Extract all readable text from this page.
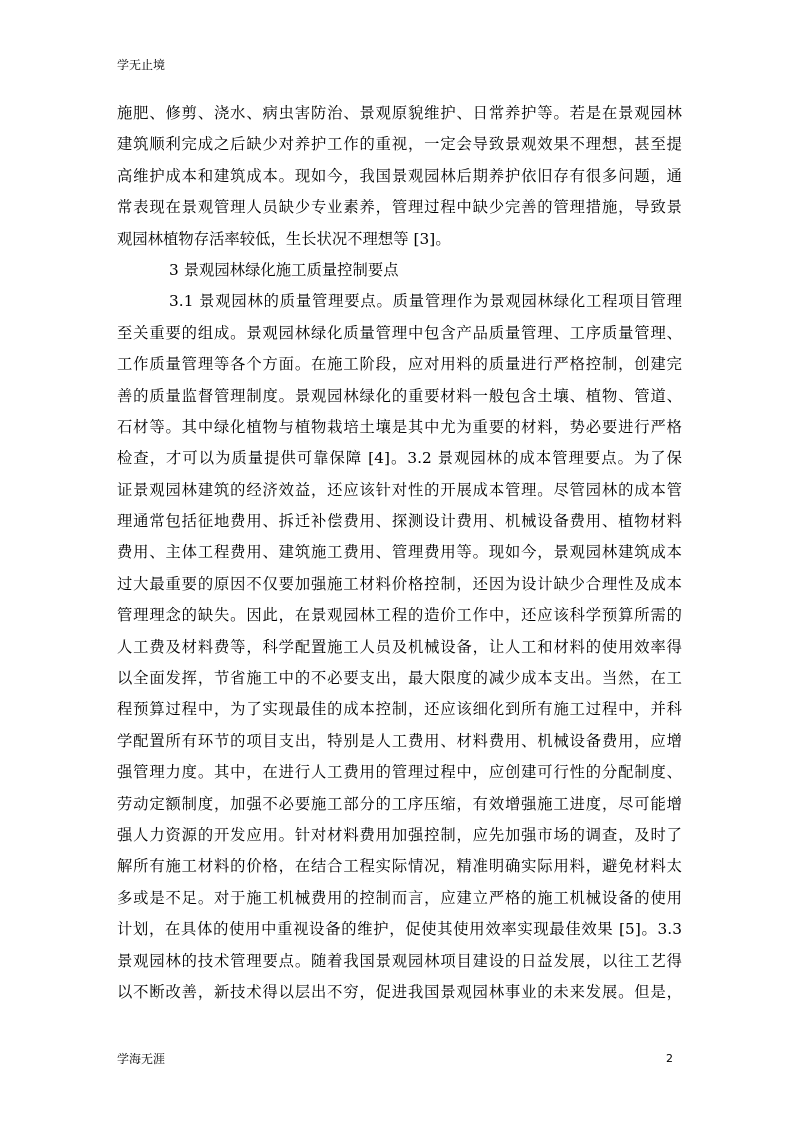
学无止境
施肥、修剪、浇水、病虫害防治、景观原貌维护、日常养护等。若是在景观园林
建筑顺利完成之后缺少对养护工作的重视，一定会导致景观效果不理想，甚至提
高维护成本和建筑成本。现如今，我国景观园林后期养护依旧存有很多问题，通
常表现在景观管理人员缺少专业素养，管理过程中缺少完善的管理措施，导致景
观园林植物存活率较低，生长状况不理想等 [3]。
3 景观园林绿化施工质量控制要点
3.1 景观园林的质量管理要点。质量管理作为景观园林绿化工程项目管理
至关重要的组成。景观园林绿化质量管理中包含产品质量管理、工序质量管理、
工作质量管理等各个方面。在施工阶段，应对用料的质量进行严格控制，创建完
善的质量监督管理制度。景观园林绿化的重要材料一般包含土壤、植物、管道、
石材等。其中绿化植物与植物栽培土壤是其中尤为重要的材料，势必要进行严格
检查，才可以为质量提供可靠保障 [4]。3.2 景观园林的成本管理要点。为了保
证景观园林建筑的经济效益，还应该针对性的开展成本管理。尽管园林的成本管
理通常包括征地费用、拆迁补偿费用、探测设计费用、机械设备费用、植物材料
费用、主体工程费用、建筑施工费用、管理费用等。现如今，景观园林建筑成本
过大最重要的原因不仅要加强施工材料价格控制，还因为设计缺少合理性及成本
管理理念的缺失。因此，在景观园林工程的造价工作中，还应该科学预算所需的
人工费及材料费等，科学配置施工人员及机械设备，让人工和材料的使用效率得
以全面发挥，节省施工中的不必要支出，最大限度的减少成本支出。当然，在工
程预算过程中，为了实现最佳的成本控制，还应该细化到所有施工过程中，并科
学配置所有环节的项目支出，特别是人工费用、材料费用、机械设备费用，应增
强管理力度。其中，在进行人工费用的管理过程中，应创建可行性的分配制度、
劳动定额制度，加强不必要施工部分的工序压缩，有效增强施工进度，尽可能增
强人力资源的开发应用。针对材料费用加强控制，应先加强市场的调查，及时了
解所有施工材料的价格，在结合工程实际情况，精准明确实际用料，避免材料太
多或是不足。对于施工机械费用的控制而言，应建立严格的施工机械设备的使用
计划，在具体的使用中重视设备的维护，促使其使用效率实现最佳效果 [5]。3.3
景观园林的技术管理要点。随着我国景观园林项目建设的日益发展，以往工艺得
以不断改善，新技术得以层出不穷，促进我国景观园林事业的未来发展。但是，
学海无涯	2
